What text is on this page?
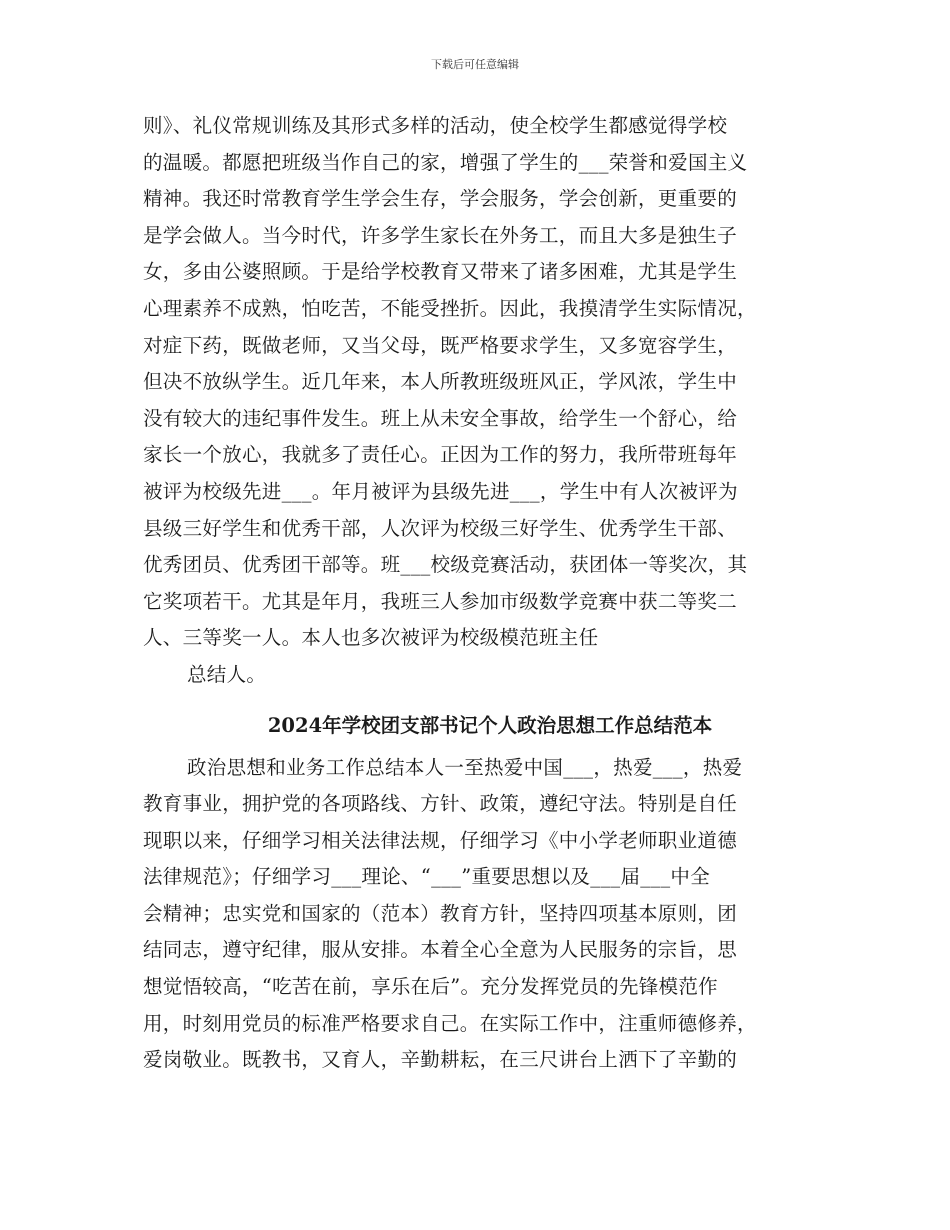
下载后可任意编辑
则》、礼仪常规训练及其形式多样的活动，使全校学生都感觉得学校
的温暖。都愿把班级当作自己的家，增强了学生的___荣誉和爱国主义
精神。我还时常教育学生学会生存，学会服务，学会创新，更重要的
是学会做人。当今时代，许多学生家长在外务工，而且大多是独生子
女，多由公婆照顾。于是给学校教育又带来了诸多困难，尤其是学生
心理素养不成熟，怕吃苦，不能受挫折。因此，我摸清学生实际情况，
对症下药，既做老师，又当父母，既严格要求学生，又多宽容学生，
但决不放纵学生。近几年来，本人所教班级班风正，学风浓，学生中
没有较大的违纪事件发生。班上从未安全事故，给学生一个舒心，给
家长一个放心，我就多了责任心。正因为工作的努力，我所带班每年
被评为校级先进___。年月被评为县级先进___，学生中有人次被评为
县级三好学生和优秀干部，人次评为校级三好学生、优秀学生干部、
优秀团员、优秀团干部等。班___校级竞赛活动，获团体一等奖次，其
它奖项若干。尤其是年月，我班三人参加市级数学竞赛中获二等奖二
人、三等奖一人。本人也多次被评为校级模范班主任
总结人。
2024年学校团支部书记个人政治思想工作总结范本
政治思想和业务工作总结本人一至热爱中国___，热爱___，热爱
教育事业，拥护党的各项路线、方针、政策，遵纪守法。特别是自任
现职以来，仔细学习相关法律法规，仔细学习《中小学老师职业道德
法律规范》；仔细学习___理论、“___”重要思想以及___届___中全
会精神；忠实党和国家的（范本）教育方针，坚持四项基本原则，团
结同志，遵守纪律，服从安排。本着全心全意为人民服务的宗旨，思
想觉悟较高，“吃苦在前，享乐在后”。充分发挥党员的先锋模范作
用，时刻用党员的标准严格要求自己。在实际工作中，注重师德修养，
爱岗敬业。既教书，又育人，辛勤耕耘，在三尺讲台上洒下了辛勤的
